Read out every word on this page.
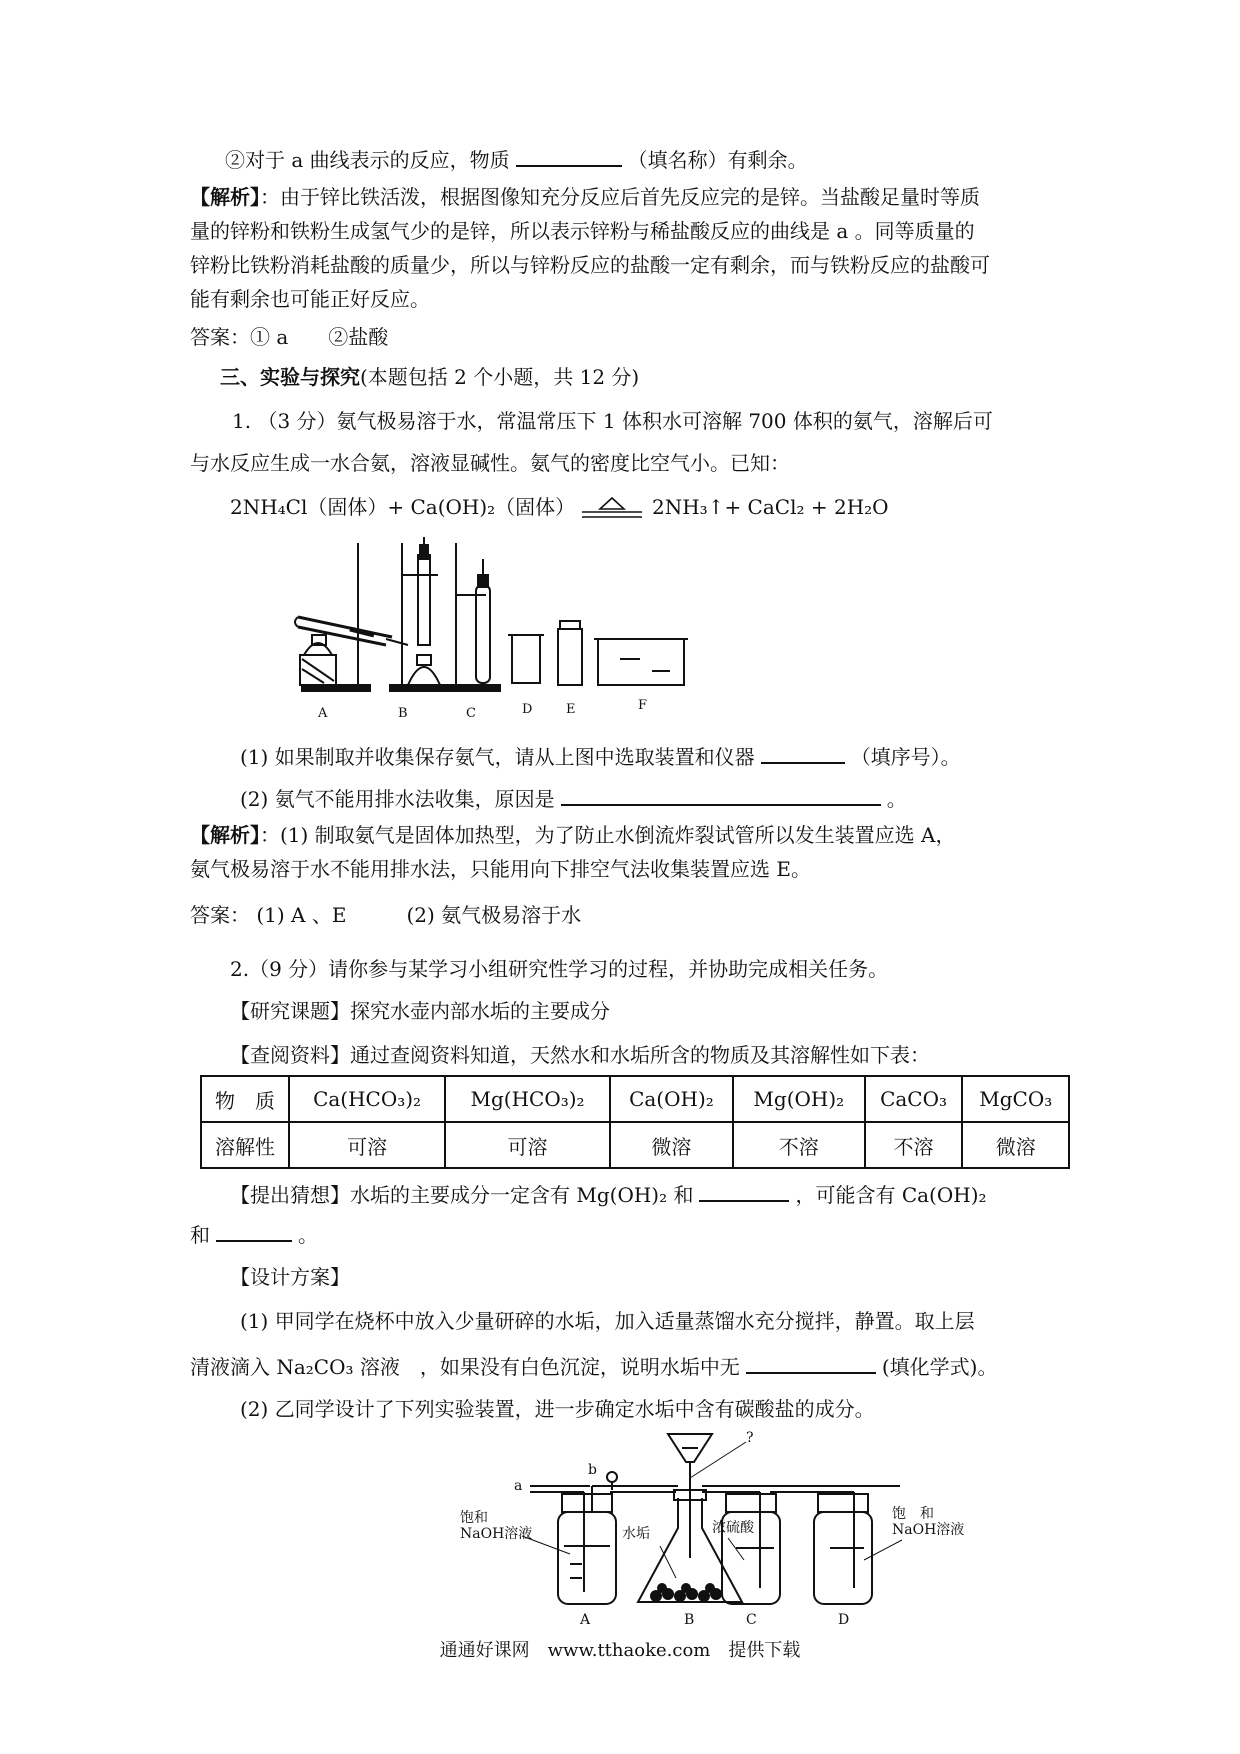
②对于 a 曲线表示的反应，物质	（填名称）有剩余。
【解析】：由于锌比铁活泼，根据图像知充分反应后首先反应完的是锌。当盐酸足量时等质
量的锌粉和铁粉生成氢气少的是锌，所以表示锌粉与稀盐酸反应的曲线是 a 。同等质量的
锌粉比铁粉消耗盐酸的质量少，所以与锌粉反应的盐酸一定有剩余，而与铁粉反应的盐酸可
能有剩余也可能正好反应。
答案：① a　　②盐酸
三、实验与探究(本题包括 2 个小题，共 12 分)
1. （3 分）氨气极易溶于水，常温常压下 1 体积水可溶解 700 体积的氨气，溶解后可
与水反应生成一水合氨，溶液显碱性。氨气的密度比空气小。已知：
2NH₄Cl（固体）+ Ca(OH)₂（固体）	2NH₃↑+ CaCl₂ + 2H₂O
A	B	C	D	E	F
(1) 如果制取并收集保存氨气，请从上图中选取装置和仪器	（填序号）。
(2) 氨气不能用排水法收集，原因是	。
【解析】：(1) 制取氨气是固体加热型，为了防止水倒流炸裂试管所以发生装置应选 A，
氨气极易溶于水不能用排水法，只能用向下排空气法收集装置应选 E。
答案： (1) A 、E　　　(2) 氨气极易溶于水
2.（9 分）请你参与某学习小组研究性学习的过程，并协助完成相关任务。
【研究课题】探究水壶内部水垢的主要成分
【查阅资料】通过查阅资料知道，天然水和水垢所含的物质及其溶解性如下表：
物　质	Ca(HCO₃)₂	Mg(HCO₃)₂	Ca(OH)₂	Mg(OH)₂	CaCO₃	MgCO₃
溶解性	可溶	可溶	微溶	不溶	不溶	微溶
【提出猜想】水垢的主要成分一定含有 Mg(OH)₂ 和	，可能含有 Ca(OH)₂
和	。
【设计方案】
(1) 甲同学在烧杯中放入少量研碎的水垢，加入适量蒸馏水充分搅拌，静置。取上层
清液滴入 Na₂CO₃ 溶液　，如果没有白色沉淀，说明水垢中无	(填化学式)。
(2) 乙同学设计了下列实验装置，进一步确定水垢中含有碳酸盐的成分。
a
b
?
饱和
NaOH溶液	水垢	浓硫酸
饱　和
NaOH溶液
A	B	C	D
通通好课网　www.tthaoke.com　提供下载
